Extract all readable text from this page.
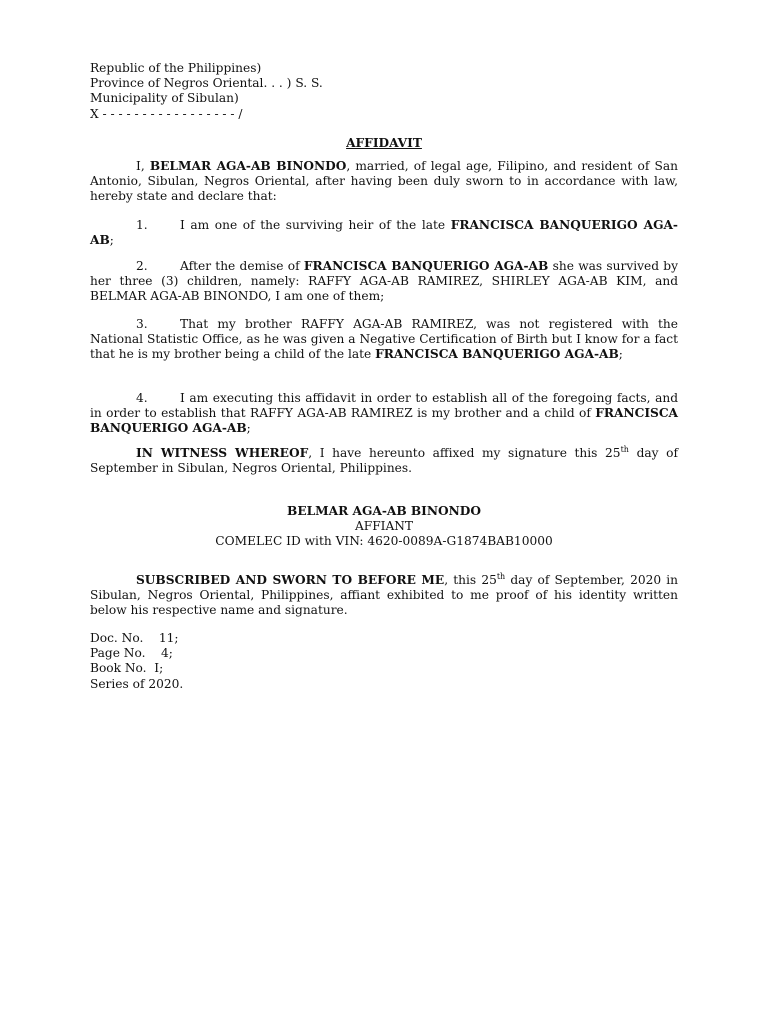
Republic of the Philippines)
Province of Negros Oriental. . . ) S. S.
Municipality of Sibulan)
X - - - - - - - - - - - - - - - - - /

AFFIDAVIT

I, BELMAR AGA-AB BINONDO, married, of legal age, Filipino, and resident of San Antonio, Sibulan, Negros Oriental, after having been duly sworn to in accordance with law, hereby state and declare that:

1.	I am one of the surviving heir of the late FRANCISCA BANQUERIGO AGA-AB;

2.	After the demise of FRANCISCA BANQUERIGO AGA-AB she was survived by her three (3) children, namely: RAFFY AGA-AB RAMIREZ, SHIRLEY AGA-AB KIM, and BELMAR AGA-AB BINONDO, I am one of them;

3.	That my brother RAFFY AGA-AB RAMIREZ, was not registered with the National Statistic Office, as he was given a Negative Certification of Birth but I know for a fact that he is my brother being a child of the late FRANCISCA BANQUERIGO AGA-AB;

4.	I am executing this affidavit in order to establish all of the foregoing facts, and in order to establish that RAFFY AGA-AB RAMIREZ is my brother and a child of FRANCISCA BANQUERIGO AGA-AB;

IN WITNESS WHEREOF, I have hereunto affixed my signature this 25th day of September in Sibulan, Negros Oriental, Philippines.

BELMAR AGA-AB BINONDO
AFFIANT
COMELEC ID with VIN: 4620-0089A-G1874BAB10000

SUBSCRIBED AND SWORN TO BEFORE ME, this 25th day of September, 2020 in Sibulan, Negros Oriental, Philippines, affiant exhibited to me proof of his identity written below his respective name and signature.

Doc. No.    11;
Page No.    4;
Book No.  I;
Series of 2020.
